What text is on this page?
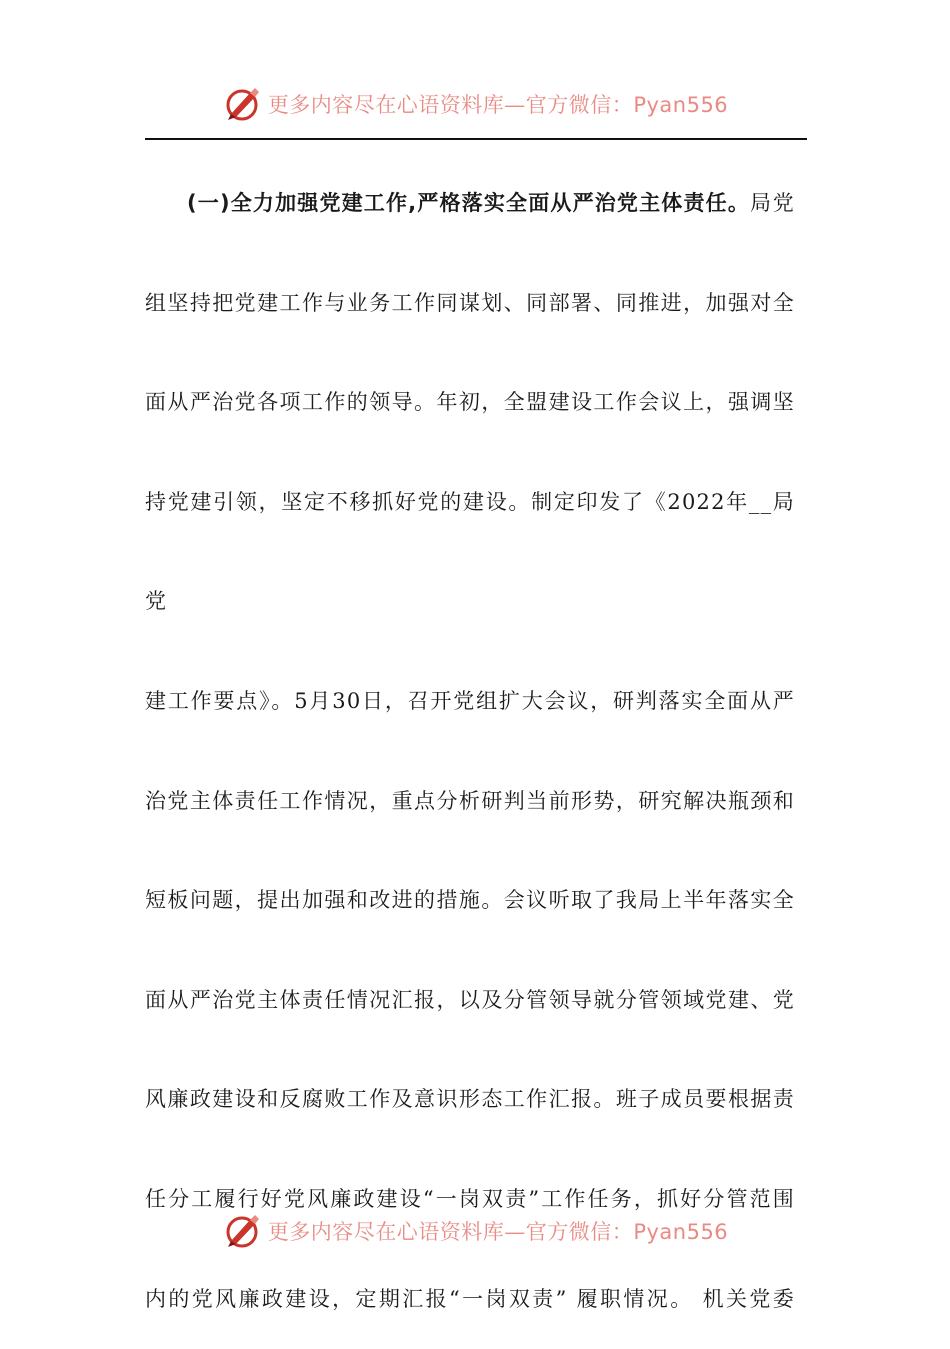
更多内容尽在心语资料库—官方微信：Pyan556

(一)全力加强党建工作,严格落实全面从严治党主体责任。局党

组坚持把党建工作与业务工作同谋划、同部署、同推进，加强对全

面从严治党各项工作的领导。年初，全盟建设工作会议上，强调坚

持党建引领，坚定不移抓好党的建设。制定印发了《2022年__局党

建工作要点》。5月30日，召开党组扩大会议，研判落实全面从严

治党主体责任工作情况，重点分析研判当前形势，研究解决瓶颈和

短板问题，提出加强和改进的措施。会议听取了我局上半年落实全

面从严治党主体责任情况汇报，以及分管领导就分管领域党建、党

风廉政建设和反腐败工作及意识形态工作汇报。班子成员要根据责

任分工履行好党风廉政建设“一岗双责”工作任务，抓好分管范围

内的党风廉政建设，定期汇报“一岗双责” 履职情况。 机关党委

更多内容尽在心语资料库—官方微信：Pyan556
